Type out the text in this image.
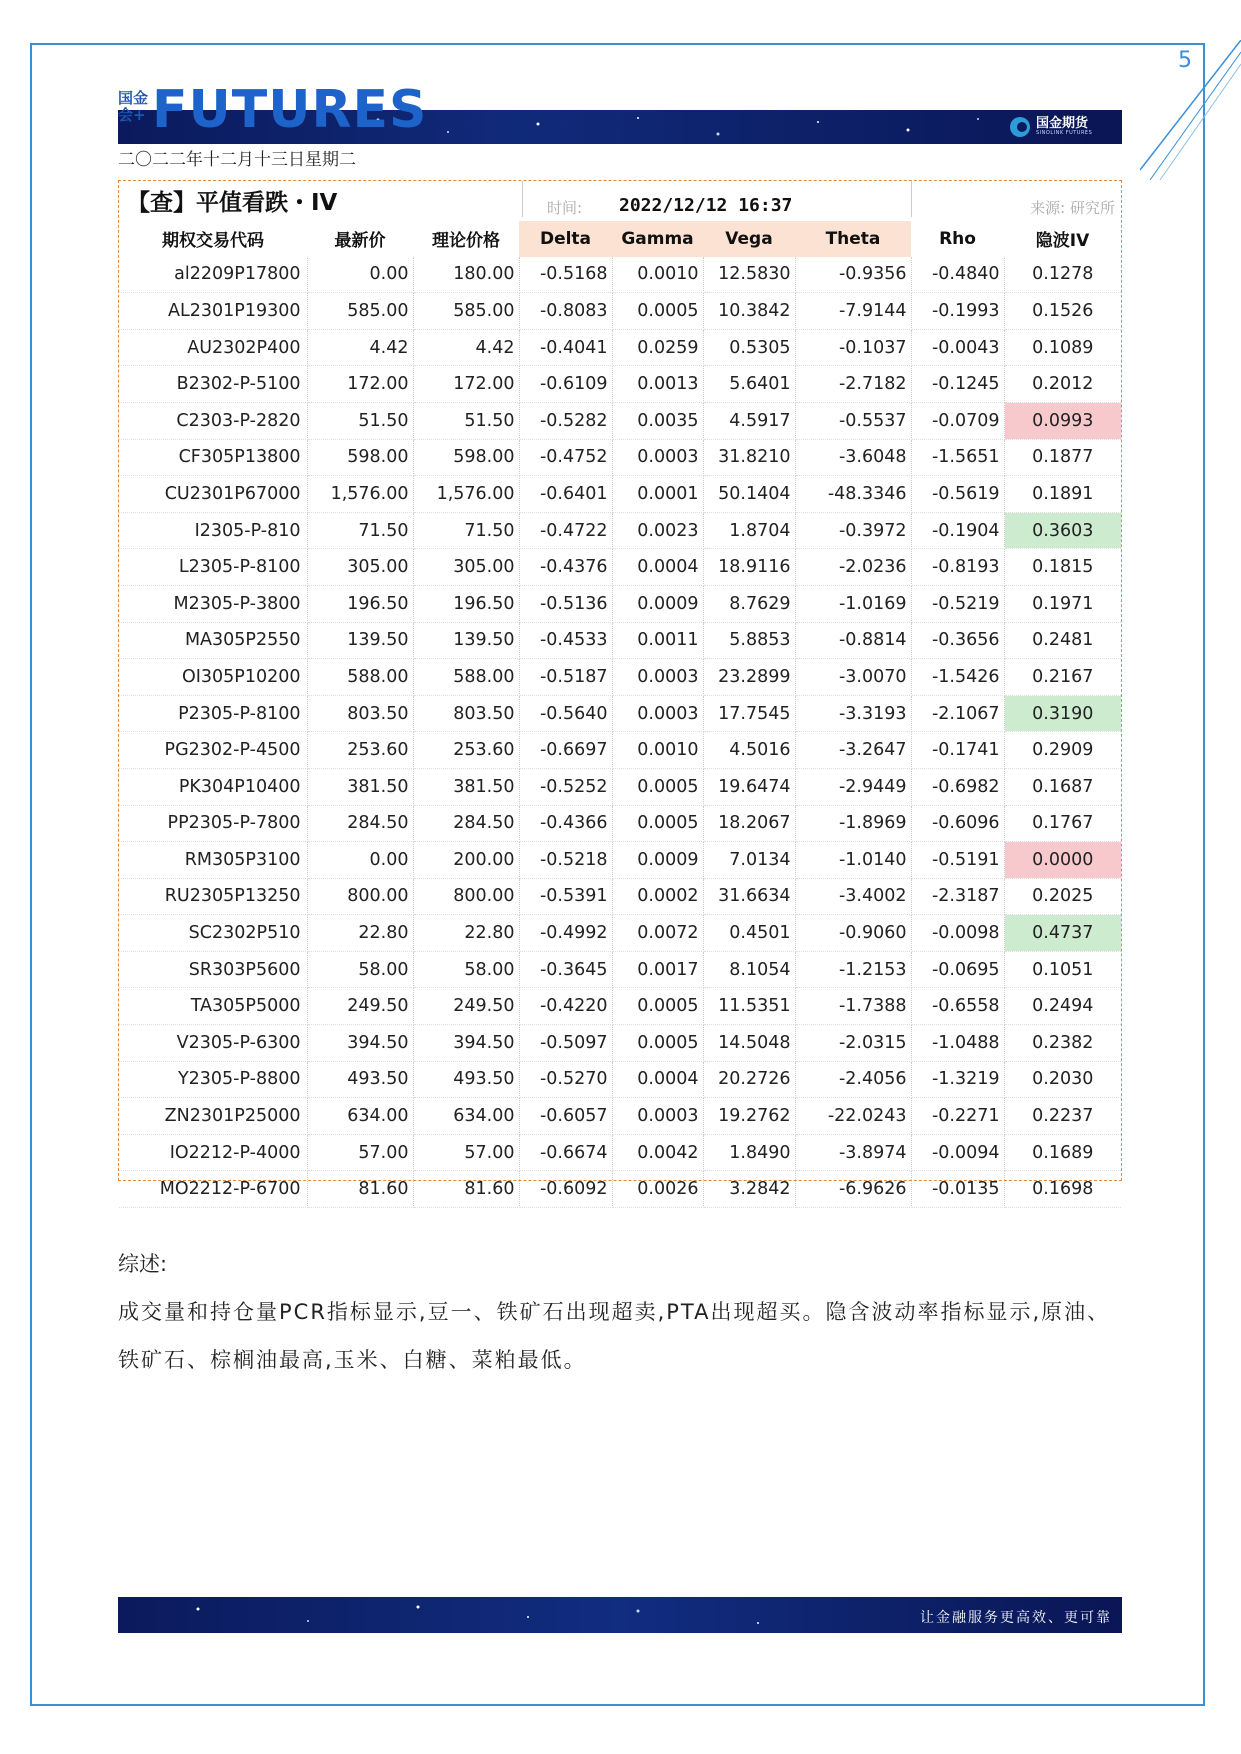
5
国金会+ FUTURES	国金期货
SINOLINK FUTURES
二〇二二年十二月十三日星期二
【查】平值看跌・IV	时间: 2022/12/12 16:37	来源: 研究所
期权交易代码	最新价	理论价格	Delta	Gamma	Vega	Theta	Rho	隐波IV
al2209P17800	0.00	180.00	-0.5168	0.0010	12.5830	-0.9356	-0.4840	0.1278
AL2301P19300	585.00	585.00	-0.8083	0.0005	10.3842	-7.9144	-0.1993	0.1526
AU2302P400	4.42	4.42	-0.4041	0.0259	0.5305	-0.1037	-0.0043	0.1089
B2302-P-5100	172.00	172.00	-0.6109	0.0013	5.6401	-2.7182	-0.1245	0.2012
C2303-P-2820	51.50	51.50	-0.5282	0.0035	4.5917	-0.5537	-0.0709	0.0993
CF305P13800	598.00	598.00	-0.4752	0.0003	31.8210	-3.6048	-1.5651	0.1877
CU2301P67000	1,576.00	1,576.00	-0.6401	0.0001	50.1404	-48.3346	-0.5619	0.1891
I2305-P-810	71.50	71.50	-0.4722	0.0023	1.8704	-0.3972	-0.1904	0.3603
L2305-P-8100	305.00	305.00	-0.4376	0.0004	18.9116	-2.0236	-0.8193	0.1815
M2305-P-3800	196.50	196.50	-0.5136	0.0009	8.7629	-1.0169	-0.5219	0.1971
MA305P2550	139.50	139.50	-0.4533	0.0011	5.8853	-0.8814	-0.3656	0.2481
OI305P10200	588.00	588.00	-0.5187	0.0003	23.2899	-3.0070	-1.5426	0.2167
P2305-P-8100	803.50	803.50	-0.5640	0.0003	17.7545	-3.3193	-2.1067	0.3190
PG2302-P-4500	253.60	253.60	-0.6697	0.0010	4.5016	-3.2647	-0.1741	0.2909
PK304P10400	381.50	381.50	-0.5252	0.0005	19.6474	-2.9449	-0.6982	0.1687
PP2305-P-7800	284.50	284.50	-0.4366	0.0005	18.2067	-1.8969	-0.6096	0.1767
RM305P3100	0.00	200.00	-0.5218	0.0009	7.0134	-1.0140	-0.5191	0.0000
RU2305P13250	800.00	800.00	-0.5391	0.0002	31.6634	-3.4002	-2.3187	0.2025
SC2302P510	22.80	22.80	-0.4992	0.0072	0.4501	-0.9060	-0.0098	0.4737
SR303P5600	58.00	58.00	-0.3645	0.0017	8.1054	-1.2153	-0.0695	0.1051
TA305P5000	249.50	249.50	-0.4220	0.0005	11.5351	-1.7388	-0.6558	0.2494
V2305-P-6300	394.50	394.50	-0.5097	0.0005	14.5048	-2.0315	-1.0488	0.2382
Y2305-P-8800	493.50	493.50	-0.5270	0.0004	20.2726	-2.4056	-1.3219	0.2030
ZN2301P25000	634.00	634.00	-0.6057	0.0003	19.2762	-22.0243	-0.2271	0.2237
IO2212-P-4000	57.00	57.00	-0.6674	0.0042	1.8490	-3.8974	-0.0094	0.1689
MO2212-P-6700	81.60	81.60	-0.6092	0.0026	3.2842	-6.9626	-0.0135	0.1698

综述:

成交量和持仓量PCR指标显示,豆一、铁矿石出现超卖,PTA出现超买。隐含波动率指标显示,原油、铁矿石、棕榈油最高,玉米、白糖、菜粕最低。

让金融服务更高效、更可靠
